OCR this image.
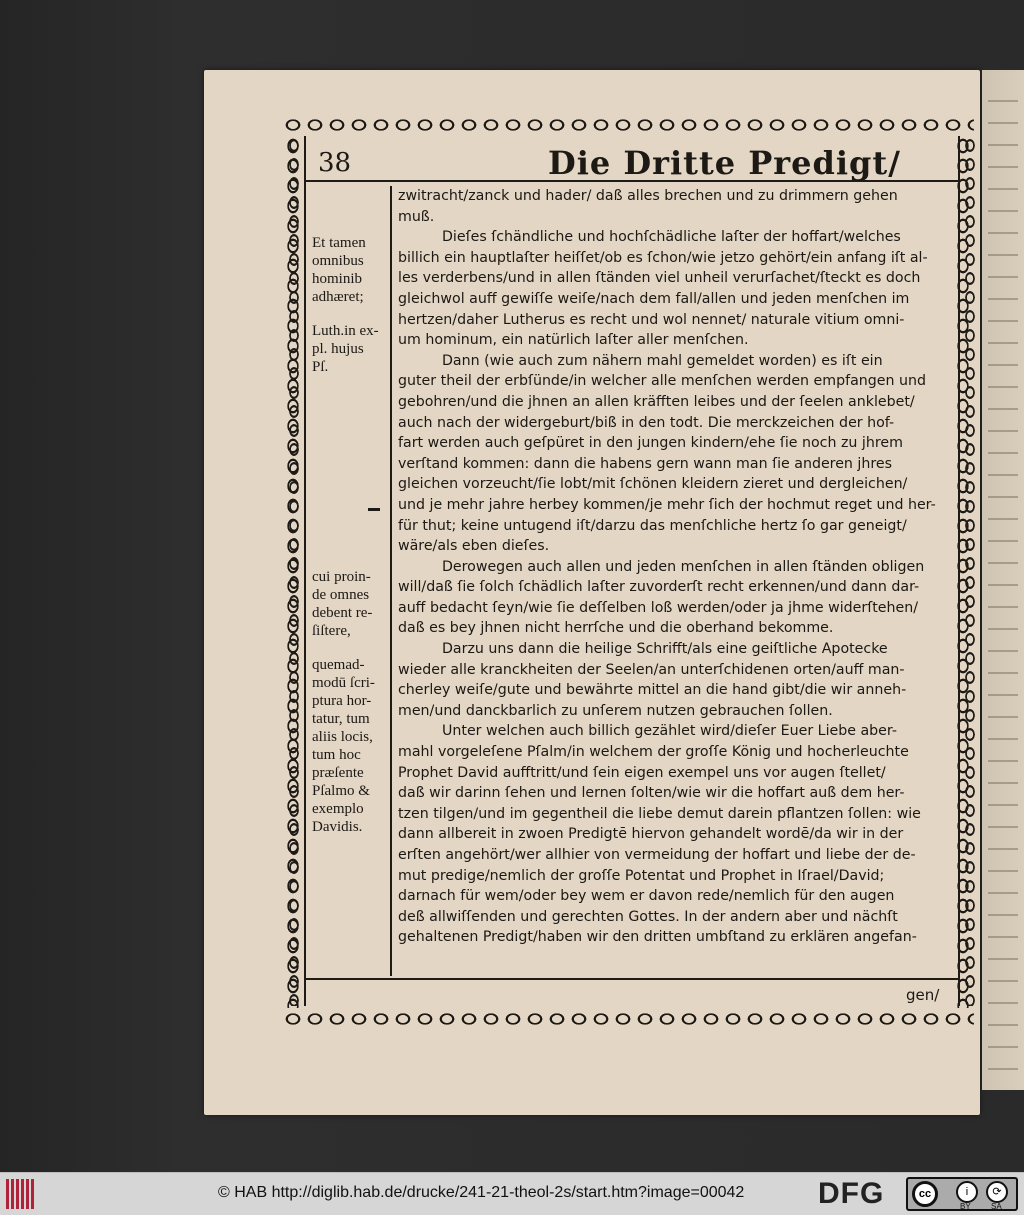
38	Die Dritte Predigt/
Et tamen
omnibus
hominib
adhæret;
Luth.in ex-
pl. hujus
Pſ.
cui proin-
de omnes
debent re-
ſiſtere,
quemad-
modū ſcri-
ptura hor-
tatur, tum
aliis locis,
tum hoc
præſente
Pſalmo &
exemplo
Davidis.
zwitracht/zanck und hader/ daß alles brechen und zu drimmern gehen
muß.
Dieſes ſchändliche und hochſchädliche laſter der hoffart/welches
billich ein hauptlaſter heiſſet/ob es ſchon/wie jetzo gehört/ein anfang iſt al-
les verderbens/und in allen ſtänden viel unheil verurſachet/ſteckt es doch
gleichwol auff gewiſſe weiſe/nach dem fall/allen und jeden menſchen im
hertzen/daher Lutherus es recht und wol nennet/ naturale vitium omni-
um hominum, ein natürlich laſter aller menſchen.
Dann (wie auch zum nähern mahl gemeldet worden) es iſt ein
guter theil der erbſünde/in welcher alle menſchen werden empfangen und
gebohren/und die jhnen an allen kräfften leibes und der ſeelen anklebet/
auch nach der widergeburt/biß in den todt. Die merckzeichen der hof-
fart werden auch geſpüret in den jungen kindern/ehe ſie noch zu jhrem
verſtand kommen: dann die habens gern wann man ſie anderen jhres
gleichen vorzeucht/ſie lobt/mit ſchönen kleidern zieret und dergleichen/
und je mehr jahre herbey kommen/je mehr ſich der hochmut reget und her-
für thut; keine untugend iſt/darzu das menſchliche hertz ſo gar geneigt/
wäre/als eben dieſes.
Derowegen auch allen und jeden menſchen in allen ſtänden obligen
will/daß ſie ſolch ſchädlich laſter zuvorderſt recht erkennen/und dann dar-
auff bedacht ſeyn/wie ſie deſſelben loß werden/oder ja jhme widerſtehen/
daß es bey jhnen nicht herrſche und die oberhand bekomme.
Darzu uns dann die heilige Schrifft/als eine geiſtliche Apotecke
wieder alle kranckheiten der Seelen/an unterſchidenen orten/auff man-
cherley weiſe/gute und bewährte mittel an die hand gibt/die wir anneh-
men/und danckbarlich zu unſerem nutzen gebrauchen ſollen.
Unter welchen auch billich gezählet wird/dieſer Euer Liebe aber-
mahl vorgeleſene Pſalm/in welchem der groſſe König und hocherleuchte
Prophet David aufftritt/und ſein eigen exempel uns vor augen ſtellet/
daß wir darinn ſehen und lernen ſolten/wie wir die hoffart auß dem her-
tzen tilgen/und im gegentheil die liebe demut darein pflantzen ſollen: wie
dann allbereit in zwoen Predigtē hiervon gehandelt wordē/da wir in der
erſten angehört/wer allhier von vermeidung der hoffart und liebe der de-
mut predige/nemlich der groſſe Potentat und Prophet in Iſrael/David;
darnach für wem/oder bey wem er davon rede/nemlich für den augen
deß allwiſſenden und gerechten Gottes. In der andern aber und nächſt
gehaltenen Predigt/haben wir den dritten umbſtand zu erklären angefan-
gen/
© HAB http://diglib.hab.de/drucke/241-21-theol-2s/start.htm?image=00042 DFG	cc	i	⟳
BY	SA
